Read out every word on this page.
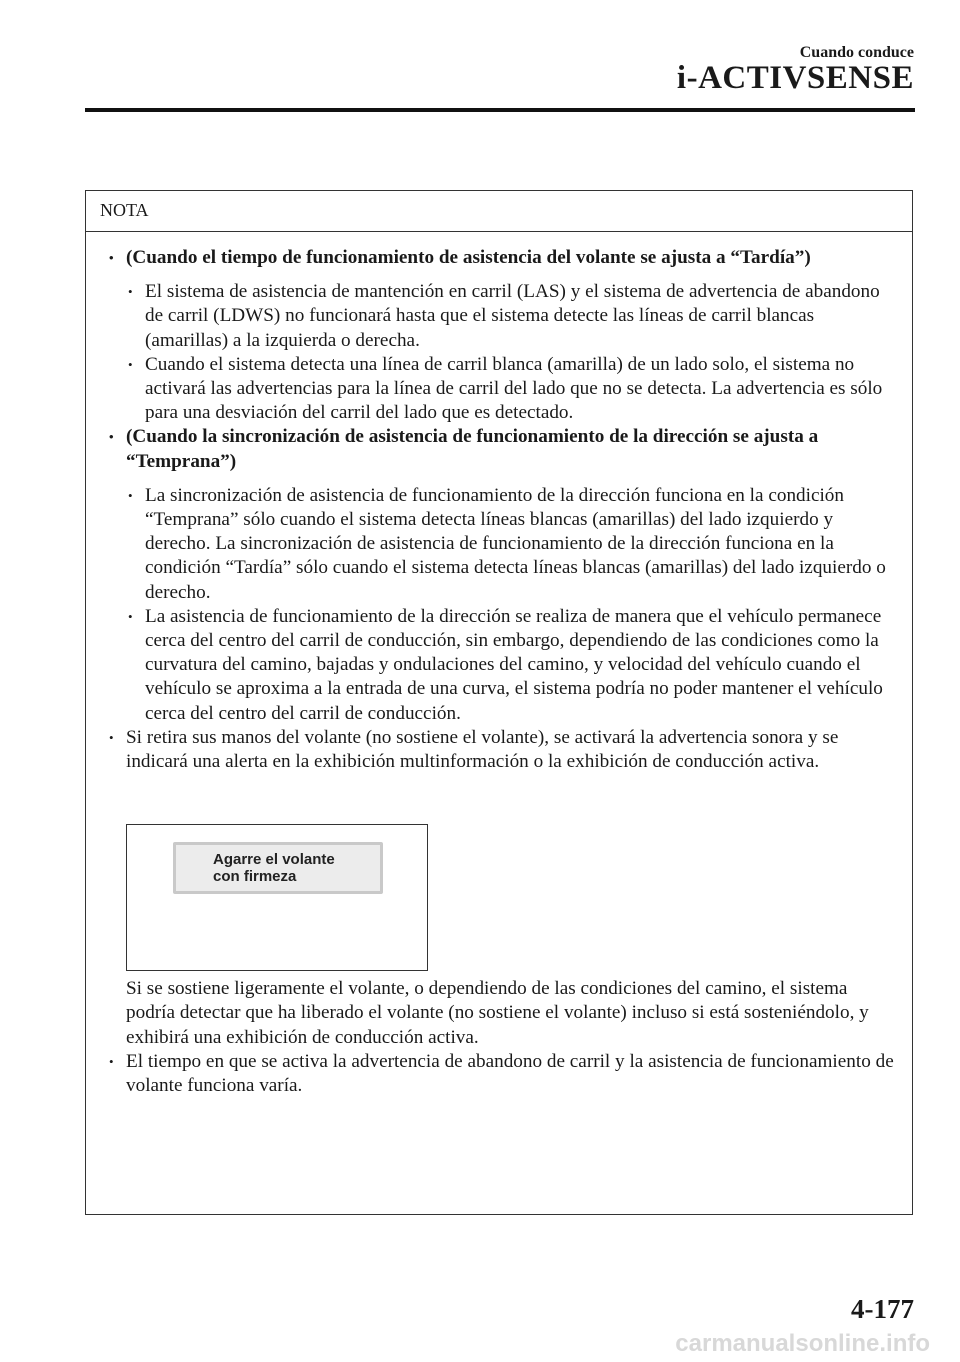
Cuando conduce
i-ACTIVSENSE
NOTA
• (Cuando el tiempo de funcionamiento de asistencia del volante se ajusta a “Tardía”)
• El sistema de asistencia de mantención en carril (LAS) y el sistema de advertencia de abandono de carril (LDWS) no funcionará hasta que el sistema detecte las líneas de carril blancas (amarillas) a la izquierda o derecha.
• Cuando el sistema detecta una línea de carril blanca (amarilla) de un lado solo, el sistema no activará las advertencias para la línea de carril del lado que no se detecta. La advertencia es sólo para una desviación del carril del lado que es detectado.
• (Cuando la sincronización de asistencia de funcionamiento de la dirección se ajusta a “Temprana”)
• La sincronización de asistencia de funcionamiento de la dirección funciona en la condición “Temprana” sólo cuando el sistema detecta líneas blancas (amarillas) del lado izquierdo y derecho. La sincronización de asistencia de funcionamiento de la dirección funciona en la condición “Tardía” sólo cuando el sistema detecta líneas blancas (amarillas) del lado izquierdo o derecho.
• La asistencia de funcionamiento de la dirección se realiza de manera que el vehículo permanece cerca del centro del carril de conducción, sin embargo, dependiendo de las condiciones como la curvatura del camino, bajadas y ondulaciones del camino, y velocidad del vehículo cuando el vehículo se aproxima a la entrada de una curva, el sistema podría no poder mantener el vehículo cerca del centro del carril de conducción.
• Si retira sus manos del volante (no sostiene el volante), se activará la advertencia sonora y se indicará una alerta en la exhibición multinformación o la exhibición de conducción activa.
Agarre el volante
con firmeza
Si se sostiene ligeramente el volante, o dependiendo de las condiciones del camino, el sistema podría detectar que ha liberado el volante (no sostiene el volante) incluso si está sosteniéndolo, y exhibirá una exhibición de conducción activa.
• El tiempo en que se activa la advertencia de abandono de carril y la asistencia de funcionamiento de volante funciona varía.
4-177
carmanualsonline.info
